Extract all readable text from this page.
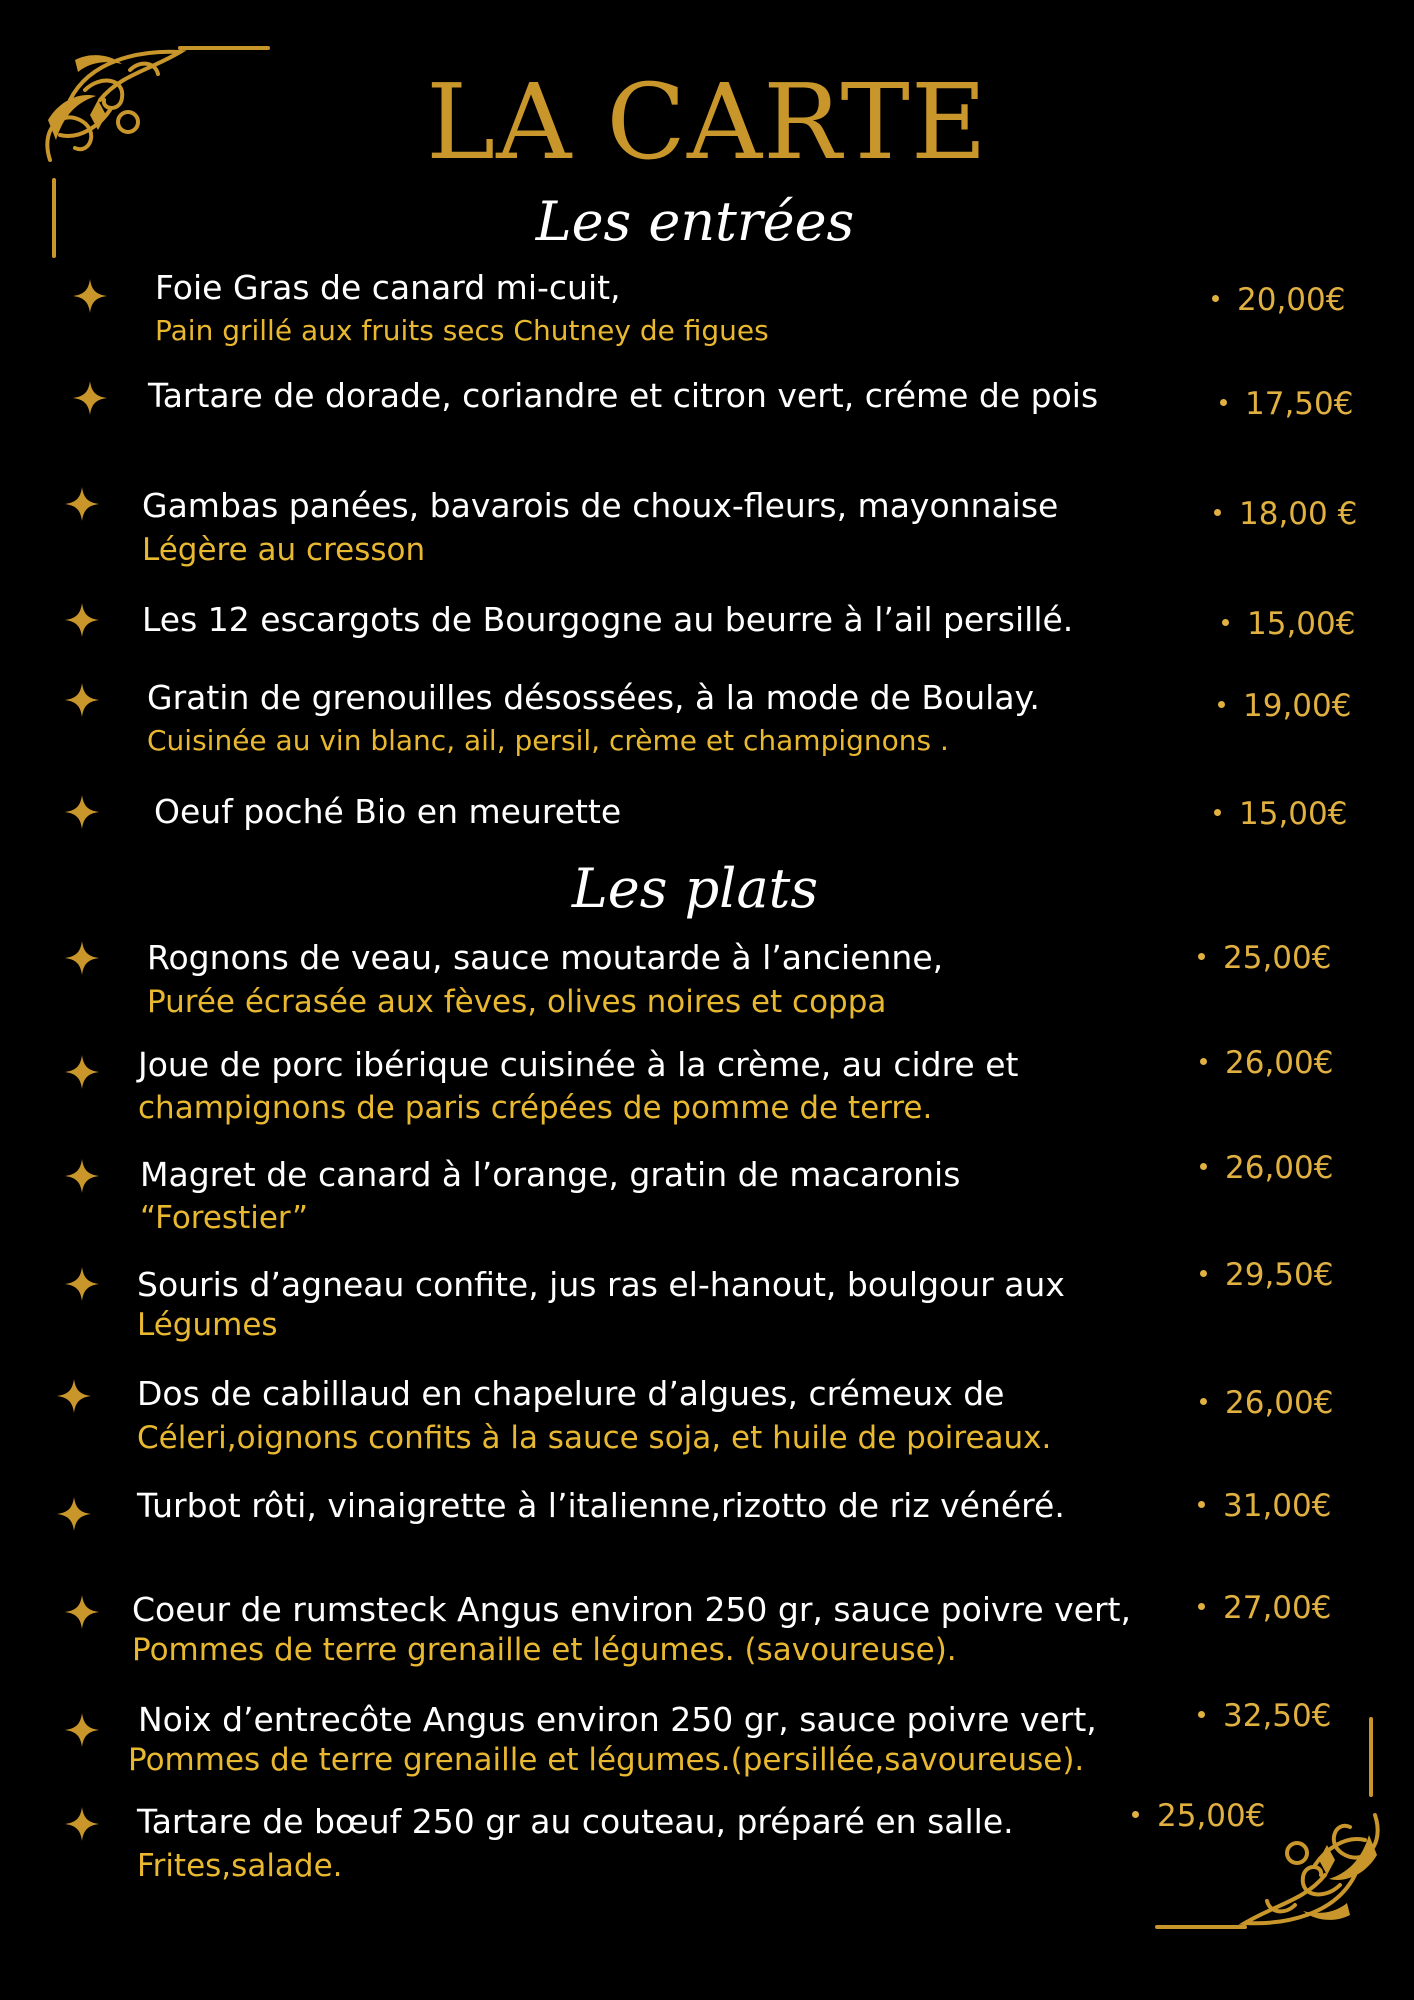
LA CARTE
Les entrées
Les plats
Foie Gras de canard mi-cuit,
Pain grillé aux fruits secs Chutney de figues
20,00€
Tartare de dorade, coriandre et citron vert, créme de pois	17,50€
Gambas panées, bavarois de choux-fleurs, mayonnaise
Légère au cresson
18,00 €
Les 12 escargots de Bourgogne au beurre à l’ail persillé.	15,00€
Gratin de grenouilles désossées, à la mode de Boulay.
Cuisinée au vin blanc, ail, persil, crème et champignons .
19,00€
Oeuf poché Bio en meurette	15,00€
Rognons de veau, sauce moutarde à l’ancienne,
Purée écrasée aux fèves, olives noires et coppa
25,00€
Joue de porc ibérique cuisinée à la crème, au cidre et
champignons de paris crépées de pomme de terre.
26,00€
Magret de canard à l’orange, gratin de macaronis
“Forestier”
26,00€
Souris d’agneau confite, jus ras el-hanout, boulgour aux
Légumes
29,50€
Dos de cabillaud en chapelure d’algues, crémeux de
Céleri,oignons confits à la sauce soja, et huile de poireaux.
26,00€
Turbot rôti, vinaigrette à l’italienne,rizotto de riz vénéré.	31,00€
Coeur de rumsteck Angus environ 250 gr, sauce poivre vert,
Pommes de terre grenaille et légumes. (savoureuse).
27,00€
Noix d’entrecôte Angus environ 250 gr, sauce poivre vert,
Pommes de terre grenaille et légumes.(persillée,savoureuse).
32,50€
Tartare de bœuf 250 gr au couteau, préparé en salle.
Frites,salade.
25,00€
